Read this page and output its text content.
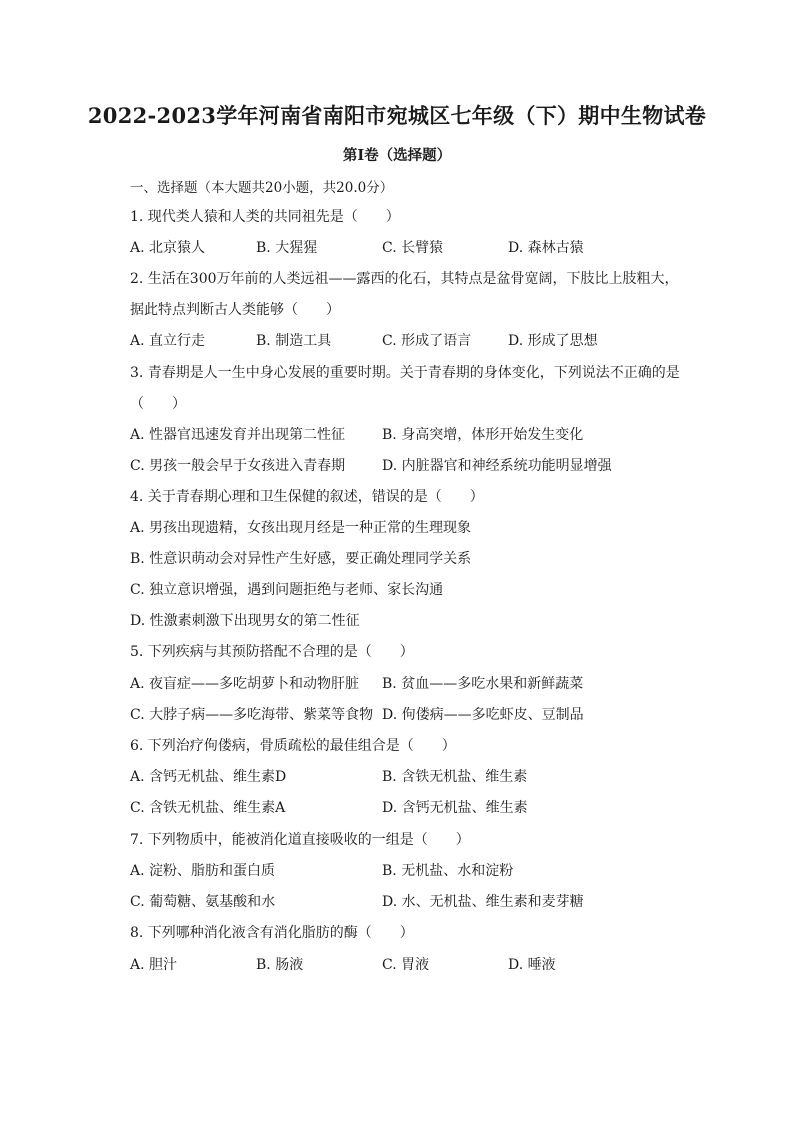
2022-2023学年河南省南阳市宛城区七年级（下）期中生物试卷
第I卷（选择题）
一、选择题（本大题共20小题，共20.0分）
1. 现代类人猿和人类的共同祖先是（　　）
A. 北京猿人	B. 大猩猩	C. 长臂猿	D. 森林古猿
2. 生活在300万年前的人类远祖——露西的化石，其特点是盆骨宽阔，下肢比上肢粗大，
据此特点判断古人类能够（　　）
A. 直立行走	B. 制造工具	C. 形成了语言	D. 形成了思想
3. 青春期是人一生中身心发展的重要时期。关于青春期的身体变化，下列说法不正确的是
（　　）
A. 性器官迅速发育并出现第二性征	B. 身高突增，体形开始发生变化
C. 男孩一般会早于女孩进入青春期	D. 内脏器官和神经系统功能明显增强
4. 关于青春期心理和卫生保健的叙述，错误的是（　　）
A. 男孩出现遗精，女孩出现月经是一种正常的生理现象
B. 性意识萌动会对异性产生好感，要正确处理同学关系
C. 独立意识增强，遇到问题拒绝与老师、家长沟通
D. 性激素刺激下出现男女的第二性征
5. 下列疾病与其预防搭配不合理的是（　　）
A. 夜盲症——多吃胡萝卜和动物肝脏 B. 贫血——多吃水果和新鲜蔬菜
C. 大脖子病——多吃海带、紫菜等食物 D. 佝偻病——多吃虾皮、豆制品
6. 下列治疗佝偻病，骨质疏松的最佳组合是（　　）
A. 含钙无机盐、维生素D	B. 含铁无机盐、维生素
C. 含铁无机盐、维生素A	D. 含钙无机盐、维生素
7. 下列物质中，能被消化道直接吸收的一组是（　　）
A. 淀粉、脂肪和蛋白质	B. 无机盐、水和淀粉
C. 葡萄糖、氨基酸和水	D. 水、无机盐、维生素和麦芽糖
8. 下列哪种消化液含有消化脂肪的酶（　　）
A. 胆汁	B. 肠液	C. 胃液	D. 唾液
